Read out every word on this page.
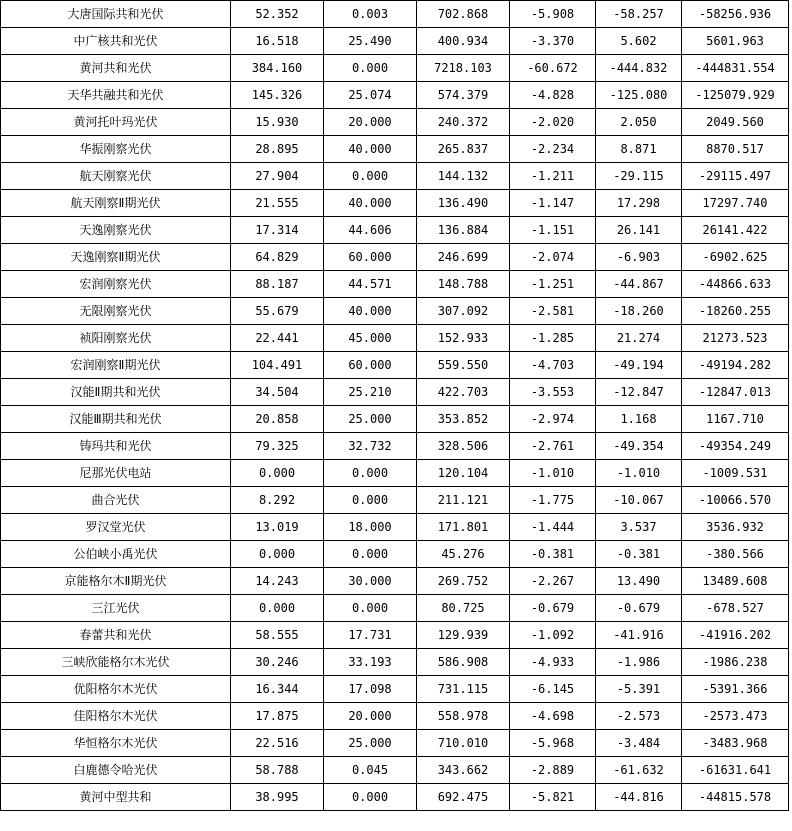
大唐国际共和光伏	52.352	0.003	702.868	-5.908	-58.257	-58256.936
中广核共和光伏	16.518	25.490	400.934	-3.370	5.602	5601.963
黄河共和光伏	384.160	0.000	7218.103	-60.672	-444.832	-444831.554
天华共融共和光伏	145.326	25.074	574.379	-4.828	-125.080	-125079.929
黄河托叶玛光伏	15.930	20.000	240.372	-2.020	2.050	2049.560
华振刚察光伏	28.895	40.000	265.837	-2.234	8.871	8870.517
航天刚察光伏	27.904	0.000	144.132	-1.211	-29.115	-29115.497
航天刚察Ⅱ期光伏	21.555	40.000	136.490	-1.147	17.298	17297.740
天逸刚察光伏	17.314	44.606	136.884	-1.151	26.141	26141.422
天逸刚察Ⅱ期光伏	64.829	60.000	246.699	-2.074	-6.903	-6902.625
宏润刚察光伏	88.187	44.571	148.788	-1.251	-44.867	-44866.633
无限刚察光伏	55.679	40.000	307.092	-2.581	-18.260	-18260.255
祯阳刚察光伏	22.441	45.000	152.933	-1.285	21.274	21273.523
宏润刚察Ⅱ期光伏	104.491	60.000	559.550	-4.703	-49.194	-49194.282
汉能Ⅱ期共和光伏	34.504	25.210	422.703	-3.553	-12.847	-12847.013
汉能Ⅲ期共和光伏	20.858	25.000	353.852	-2.974	1.168	1167.710
铸玛共和光伏	79.325	32.732	328.506	-2.761	-49.354	-49354.249
尼那光伏电站	0.000	0.000	120.104	-1.010	-1.010	-1009.531
曲合光伏	8.292	0.000	211.121	-1.775	-10.067	-10066.570
罗汉堂光伏	13.019	18.000	171.801	-1.444	3.537	3536.932
公伯峡小禹光伏	0.000	0.000	45.276	-0.381	-0.381	-380.566
京能格尔木Ⅱ期光伏	14.243	30.000	269.752	-2.267	13.490	13489.608
三江光伏	0.000	0.000	80.725	-0.679	-0.679	-678.527
春蕾共和光伏	58.555	17.731	129.939	-1.092	-41.916	-41916.202
三峡欣能格尔木光伏	30.246	33.193	586.908	-4.933	-1.986	-1986.238
优阳格尔木光伏	16.344	17.098	731.115	-6.145	-5.391	-5391.366
佳阳格尔木光伏	17.875	20.000	558.978	-4.698	-2.573	-2573.473
华恒格尔木光伏	22.516	25.000	710.010	-5.968	-3.484	-3483.968
白鹿德令哈光伏	58.788	0.045	343.662	-2.889	-61.632	-61631.641
黄河中型共和	38.995	0.000	692.475	-5.821	-44.816	-44815.578
